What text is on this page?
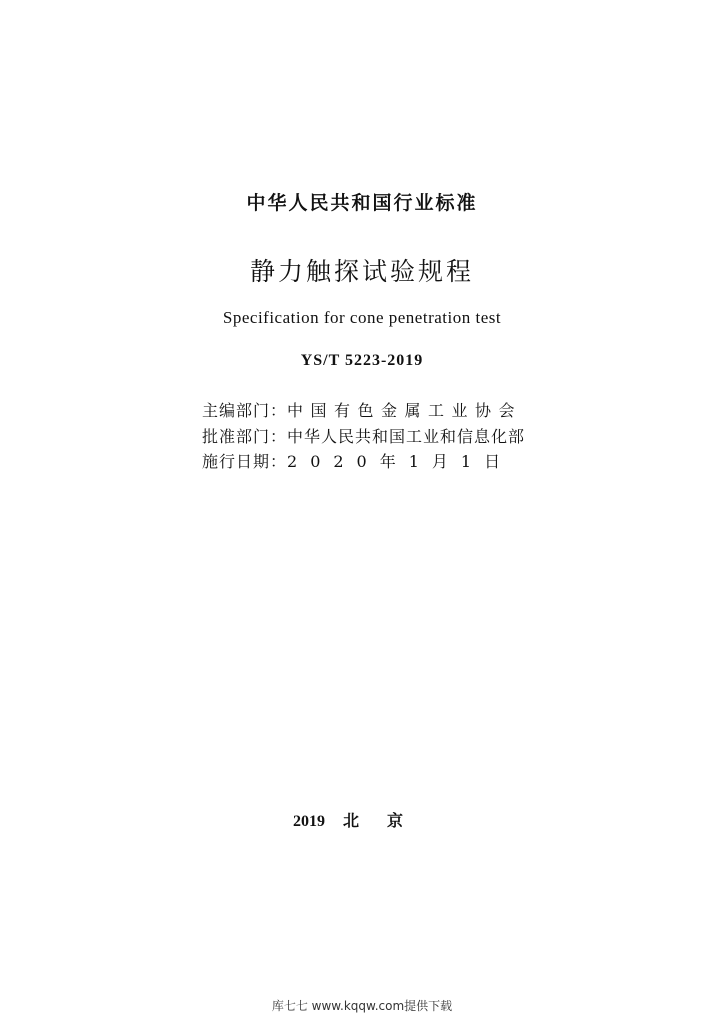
中华人民共和国行业标准
静力触探试验规程
Specification for cone penetration test
YS/T 5223-2019
主编部门：中国有色金属工业协会
批准部门：中华人民共和国工业和信息化部
施行日期：2020年1月1日
2019 北京
库七七 www.kqqw.com提供下载
